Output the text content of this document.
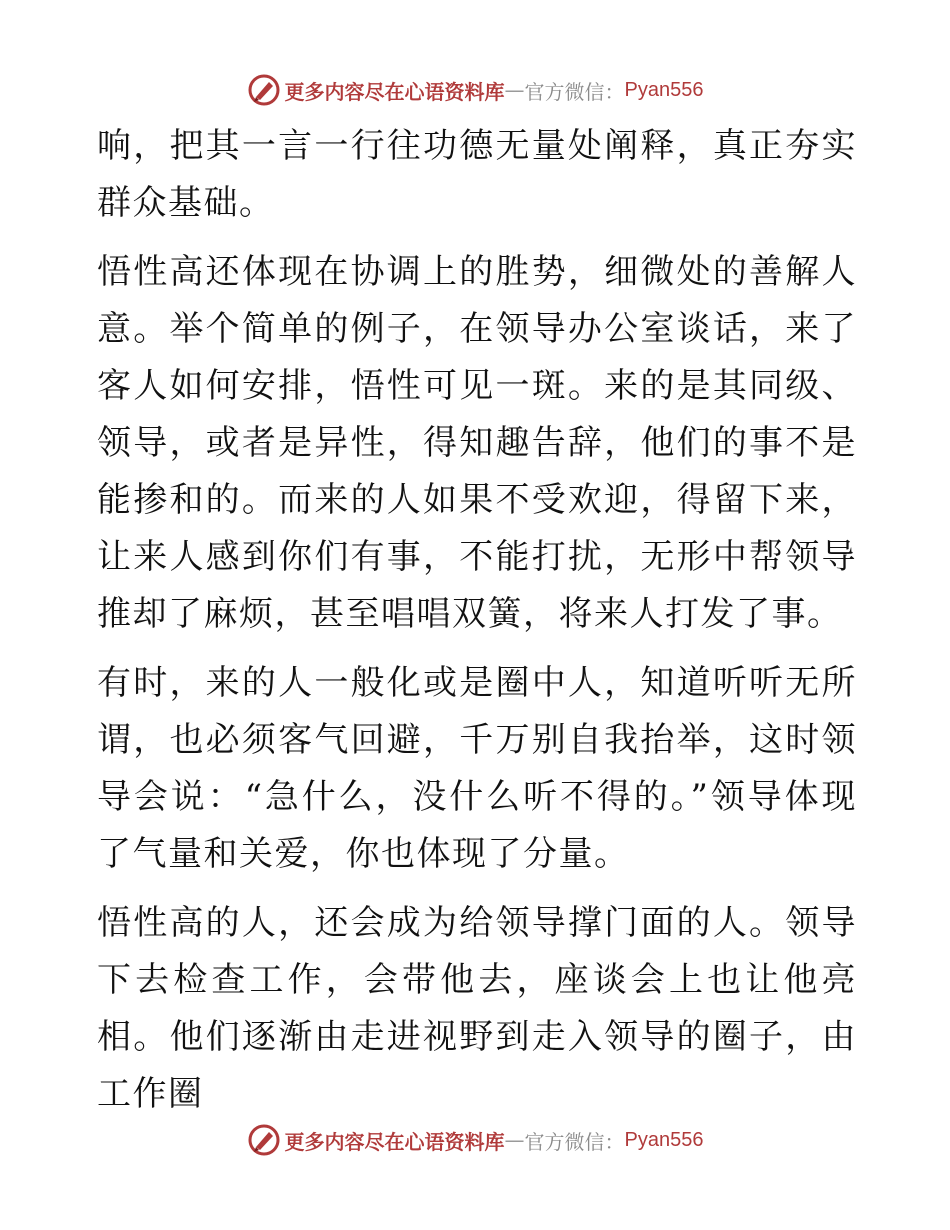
更多内容尽在心语资料库 — 官方微信： Pyan556

响，把其一言一行往功德无量处阐释，真正夯实群众基础。

悟性高还体现在协调上的胜势，细微处的善解人意。举个简单的例子，在领导办公室谈话，来了客人如何安排，悟性可见一斑。来的是其同级、领导，或者是异性，得知趣告辞，他们的事不是能掺和的。而来的人如果不受欢迎，得留下来，让来人感到你们有事，不能打扰，无形中帮领导推却了麻烦，甚至唱唱双簧，将来人打发了事。

有时，来的人一般化或是圈中人，知道听听无所谓，也必须客气回避，千万别自我抬举，这时领导会说：“急什么，没什么听不得的。”领导体现了气量和关爱，你也体现了分量。

悟性高的人，还会成为给领导撑门面的人。领导下去检查工作，会带他去，座谈会上也让他亮相。他们逐渐由走进视野到走入领导的圈子，由工作圈

更多内容尽在心语资料库 — 官方微信： Pyan556
